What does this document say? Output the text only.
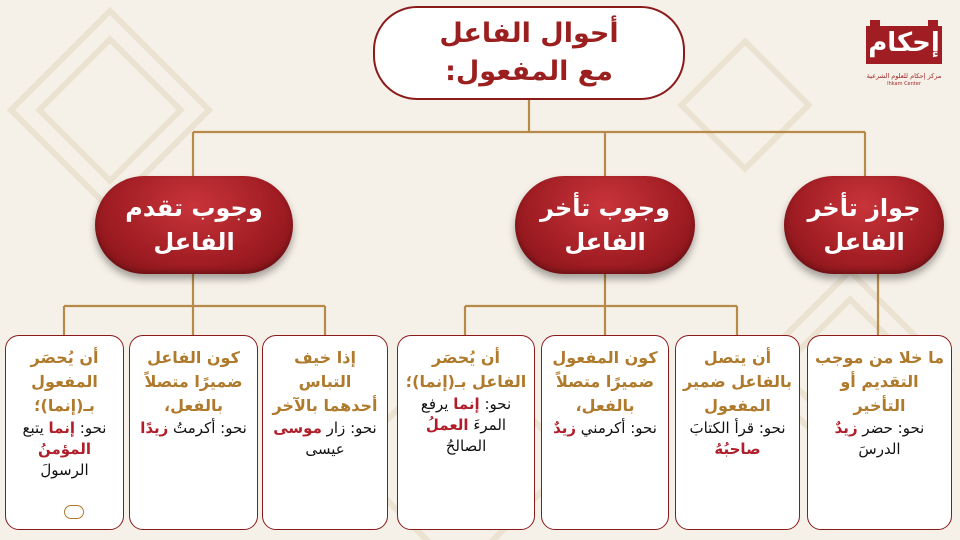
أحوال الفاعل
مع المفعول:
إحكام
مركز إحكام للعلوم الشرعية
Ihkam Center
وجوب تقدم
الفاعل
وجوب تأخر
الفاعل
جواز تأخر
الفاعل
أن يُحصَر المفعول بـ(إنما)؛
نحو: إنما يتبع المؤمنُ الرسولَ
كون الفاعل ضميرًا متصلاً بالفعل،
نحو: أكرمتُ زيدًا
إذا خيف التباس أحدهما بالآخر
نحو: زار موسى عيسى
أن يُحصَر الفاعل بـ(إنما)؛
نحو: إنما يرفع المرءَ العملُ الصالحُ
كون المفعول ضميرًا متصلاً بالفعل،
نحو: أكرمني زيدٌ
أن يتصل بالفاعل ضمير المفعول
نحو: قرأ الكتابَ صاحبُهُ
ما خلا من موجب التقديم أو التأخير
نحو: حضر زيدٌ الدرسَ
